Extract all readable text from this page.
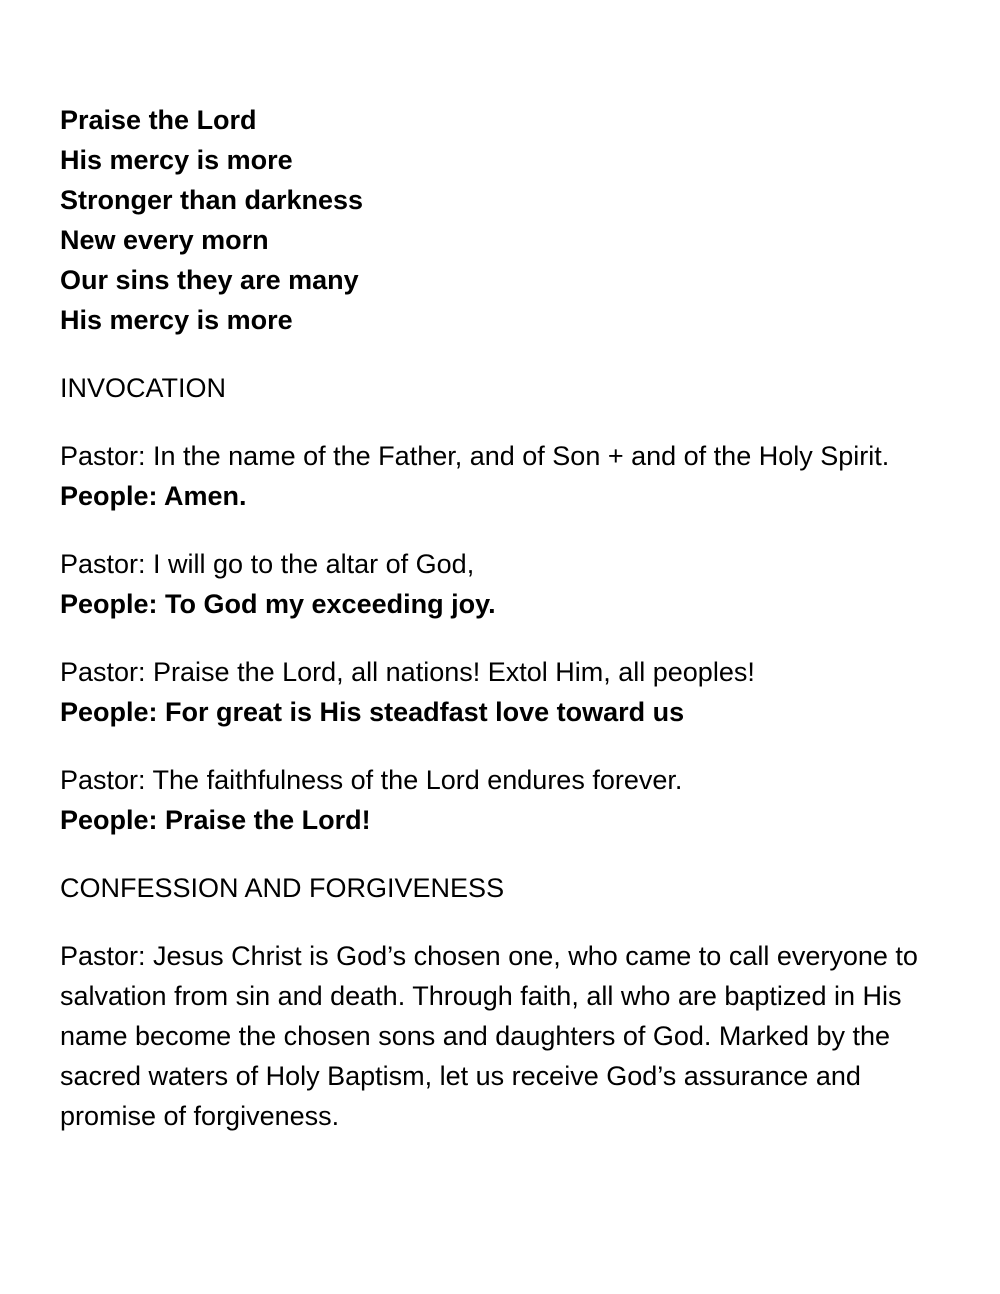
Praise the Lord
His mercy is more
Stronger than darkness
New every morn
Our sins they are many
His mercy is more
INVOCATION
Pastor: In the name of the Father, and of Son + and of the Holy Spirit.
People: Amen.
Pastor: I will go to the altar of God,
People: To God my exceeding joy.
Pastor: Praise the Lord, all nations! Extol Him, all peoples!
People: For great is His steadfast love toward us
Pastor: The faithfulness of the Lord endures forever.
People: Praise the Lord!
CONFESSION AND FORGIVENESS
Pastor: Jesus Christ is God’s chosen one, who came to call everyone to salvation from sin and death. Through faith, all who are baptized in His name become the chosen sons and daughters of God. Marked by the sacred waters of Holy Baptism, let us receive God’s assurance and promise of forgiveness.
